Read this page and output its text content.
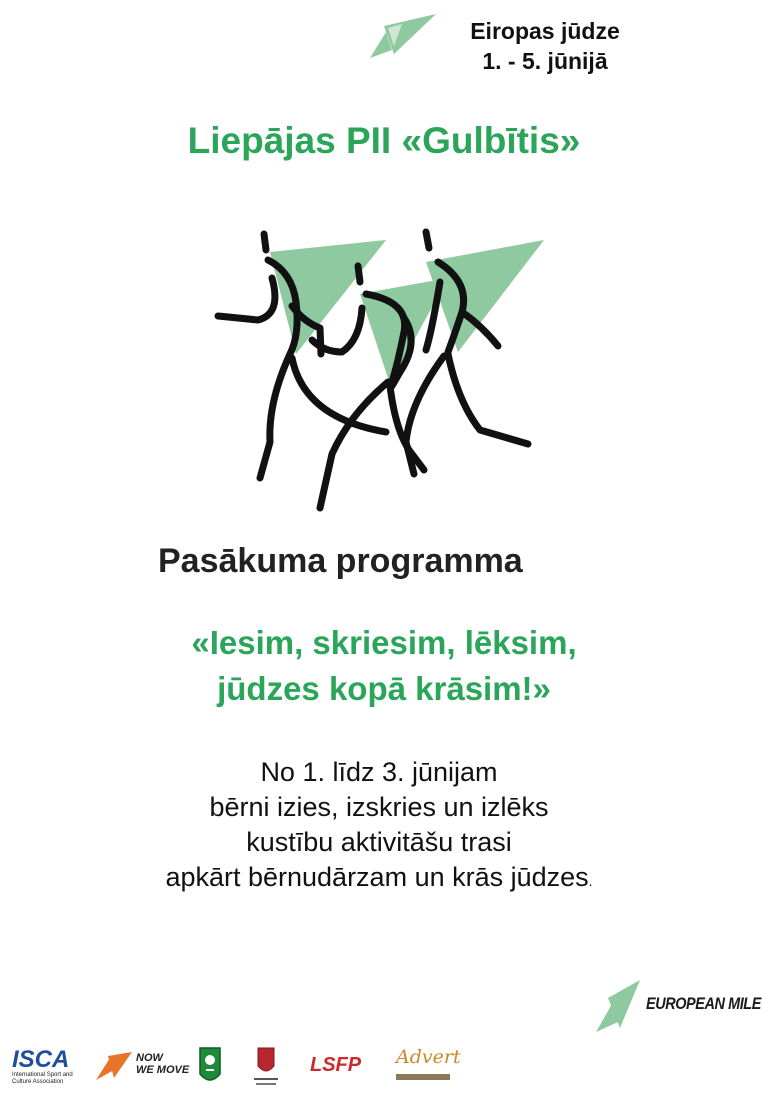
Eiropas jūdze
1. - 5. jūnijā
Liepājas PII «Gulbītis»
Pasākuma programma
«Iesim, skriesim, lēksim,
jūdzes kopā krāsim!»
No 1. līdz 3. jūnijam
bērni izies, izskries un izlēks
kustību aktivitāšu trasi
apkārt bērnudārzam un krās jūdzes.
EUROPEAN MILE
ISCA
International Sport and
Culture Association
NOW
WE MOVE	LSFP	Advert
